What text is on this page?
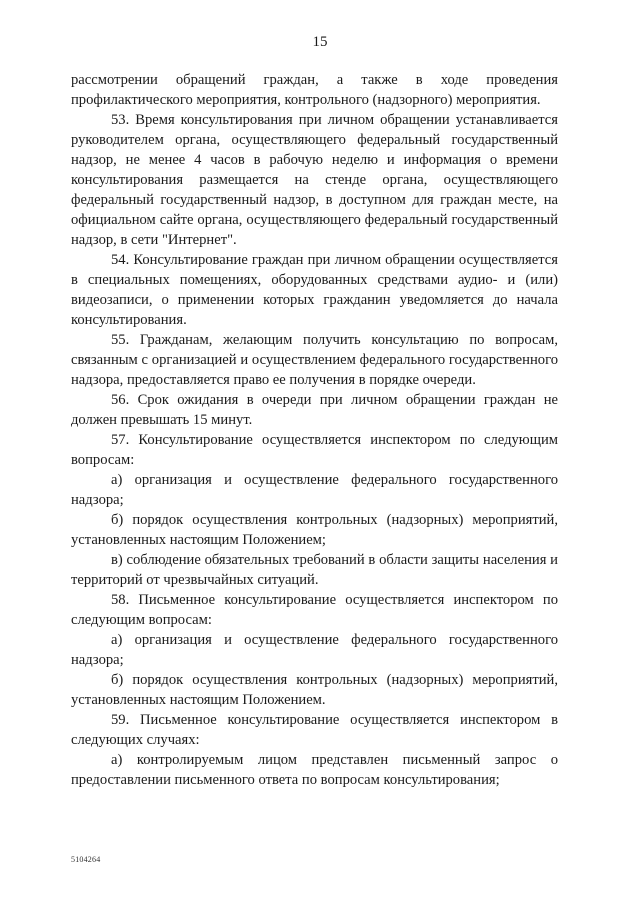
15

рассмотрении обращений граждан, а также в ходе проведения профилактического мероприятия, контрольного (надзорного) мероприятия.

53. Время консультирования при личном обращении устанавливается руководителем органа, осуществляющего федеральный государственный надзор, не менее 4 часов в рабочую неделю и информация о времени консультирования размещается на стенде органа, осуществляющего федеральный государственный надзор, в доступном для граждан месте, на официальном сайте органа, осуществляющего федеральный государственный надзор, в сети "Интернет".

54. Консультирование граждан при личном обращении осуществляется в специальных помещениях, оборудованных средствами аудио- и (или) видеозаписи, о применении которых гражданин уведомляется до начала консультирования.

55. Гражданам, желающим получить консультацию по вопросам, связанным с организацией и осуществлением федерального государственного надзора, предоставляется право ее получения в порядке очереди.

56. Срок ожидания в очереди при личном обращении граждан не должен превышать 15 минут.

57. Консультирование осуществляется инспектором по следующим вопросам:

а) организация и осуществление федерального государственного надзора;

б) порядок осуществления контрольных (надзорных) мероприятий, установленных настоящим Положением;

в) соблюдение обязательных требований в области защиты населения и территорий от чрезвычайных ситуаций.

58. Письменное консультирование осуществляется инспектором по следующим вопросам:

а) организация и осуществление федерального государственного надзора;

б) порядок осуществления контрольных (надзорных) мероприятий, установленных настоящим Положением.

59. Письменное консультирование осуществляется инспектором в следующих случаях:

а) контролируемым лицом представлен письменный запрос о предоставлении письменного ответа по вопросам консультирования;

5104264
